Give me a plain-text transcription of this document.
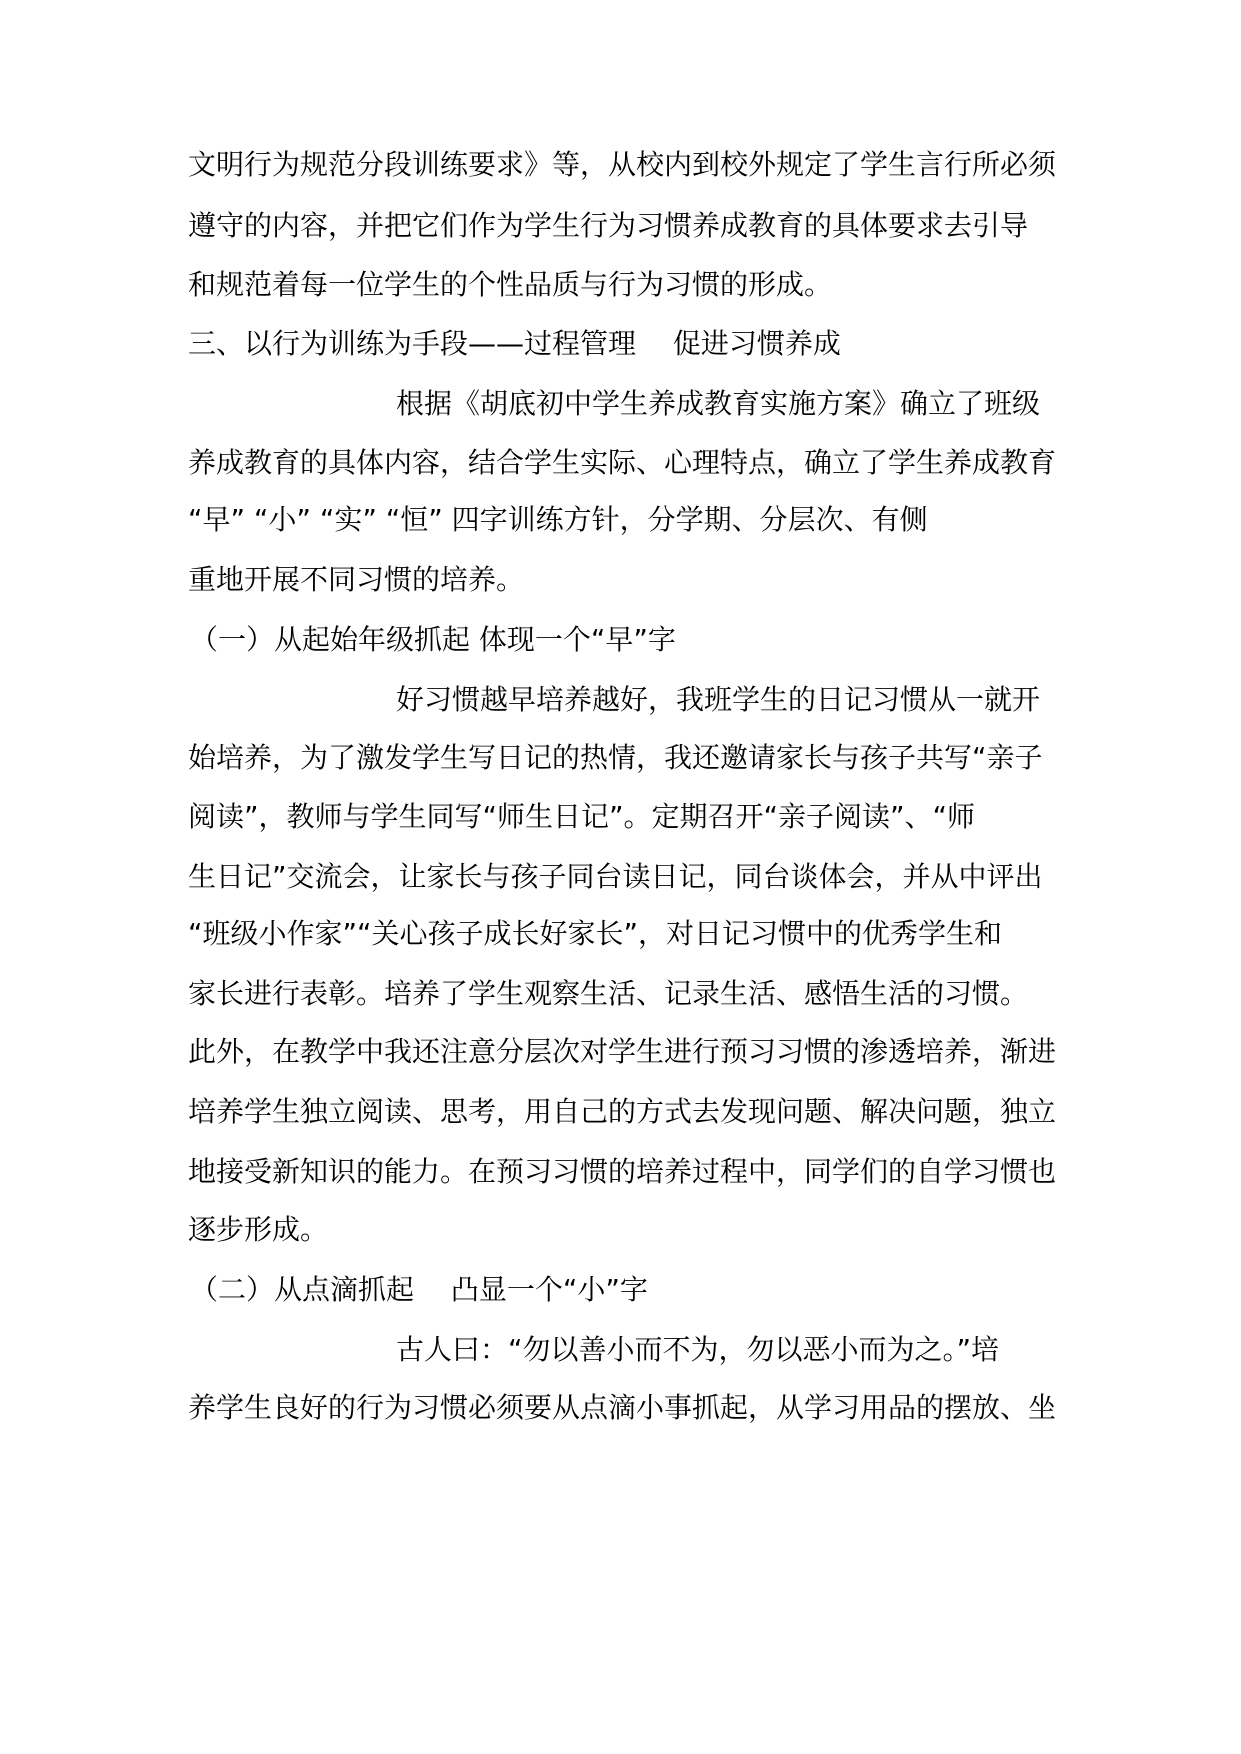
文明行为规范分段训练要求》等，从校内到校外规定了学生言行所必须
遵守的内容，并把它们作为学生行为习惯养成教育的具体要求去引导
和规范着每一位学生的个性品质与行为习惯的形成。
三、以行为训练为手段——过程管理　 促进习惯养成
根据《胡底初中学生养成教育实施方案》确立了班级
养成教育的具体内容，结合学生实际、心理特点，确立了学生养成教育
“早” “小” “实” “恒” 四字训练方针，分学期、分层次、有侧
重地开展不同习惯的培养。
（一）从起始年级抓起 体现一个“早”字
好习惯越早培养越好，我班学生的日记习惯从一就开
始培养，为了激发学生写日记的热情，我还邀请家长与孩子共写“亲子
阅读”，教师与学生同写“师生日记”。定期召开“亲子阅读”、“师
生日记”交流会，让家长与孩子同台读日记，同台谈体会，并从中评出
“班级小作家”“关心孩子成长好家长”，对日记习惯中的优秀学生和
家长进行表彰。培养了学生观察生活、记录生活、感悟生活的习惯。
此外，在教学中我还注意分层次对学生进行预习习惯的渗透培养，渐进
培养学生独立阅读、思考，用自己的方式去发现问题、解决问题，独立
地接受新知识的能力。在预习习惯的培养过程中，同学们的自学习惯也
逐步形成。
（二）从点滴抓起　 凸显一个“小”字
古人曰：“勿以善小而不为，勿以恶小而为之。”培
养学生良好的行为习惯必须要从点滴小事抓起，从学习用品的摆放、坐
